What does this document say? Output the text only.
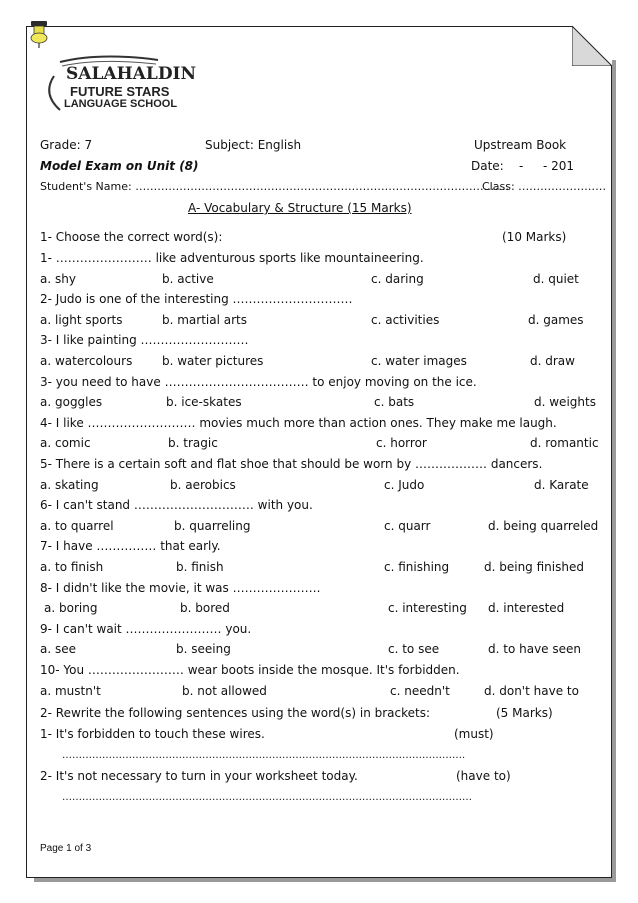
SALAHALDIN
FUTURE STARS
LANGUAGE SCHOOL
Grade: 7	Subject: English	Upstream Book
Model Exam on Unit (8)	Date: - - 201
Student's Name: …………………………………………………………………………………………
Class: ……………………
A- Vocabulary & Structure (15 Marks)
1- Choose the correct word(s):	(10 Marks)
1- …………………… like adventurous sports like mountaineering.
a. shy	b. active	c. daring	d. quiet
2- Judo is one of the interesting …………………………
a. light sports	b. martial arts	c. activities	d. games
3- I like painting ………………………
a. watercolours b. water pictures	c. water images	d. draw
3- you need to have ……………………………… to enjoy moving on the ice.
a. goggles	b. ice-skates	c. bats	d. weights
4- I like ……………………… movies much more than action ones. They make me laugh.
a. comic	b. tragic	c. horror	d. romantic
5- There is a certain soft and flat shoe that should be worn by ……………… dancers.
a. skating	b. aerobics	c. Judo	d. Karate
6- I can't stand ………………………… with you.
a. to quarrel	b. quarreling	c. quarr	d. being quarreled
7- I have …………… that early.
a. to finish	b. finish	c. finishing	d. being finished
8- I didn't like the movie, it was ………………….
a. boring	b. bored	c. interesting d. interested
9- I can't wait …………………… you.
a. see	b. seeing	c. to see	d. to have seen
10- You …………………… wear boots inside the mosque. It's forbidden.
a. mustn't	b. not allowed	c. needn't	d. don't have to
2- Rewrite the following sentences using the word(s) in brackets:	(5 Marks)
1- It's forbidden to touch these wires.	(must)
………………………………………………………………………………………………………….
2- It's not necessary to turn in your worksheet today.	(have to)
……………………………………………………………………………………………………………
Page 1 of 3
